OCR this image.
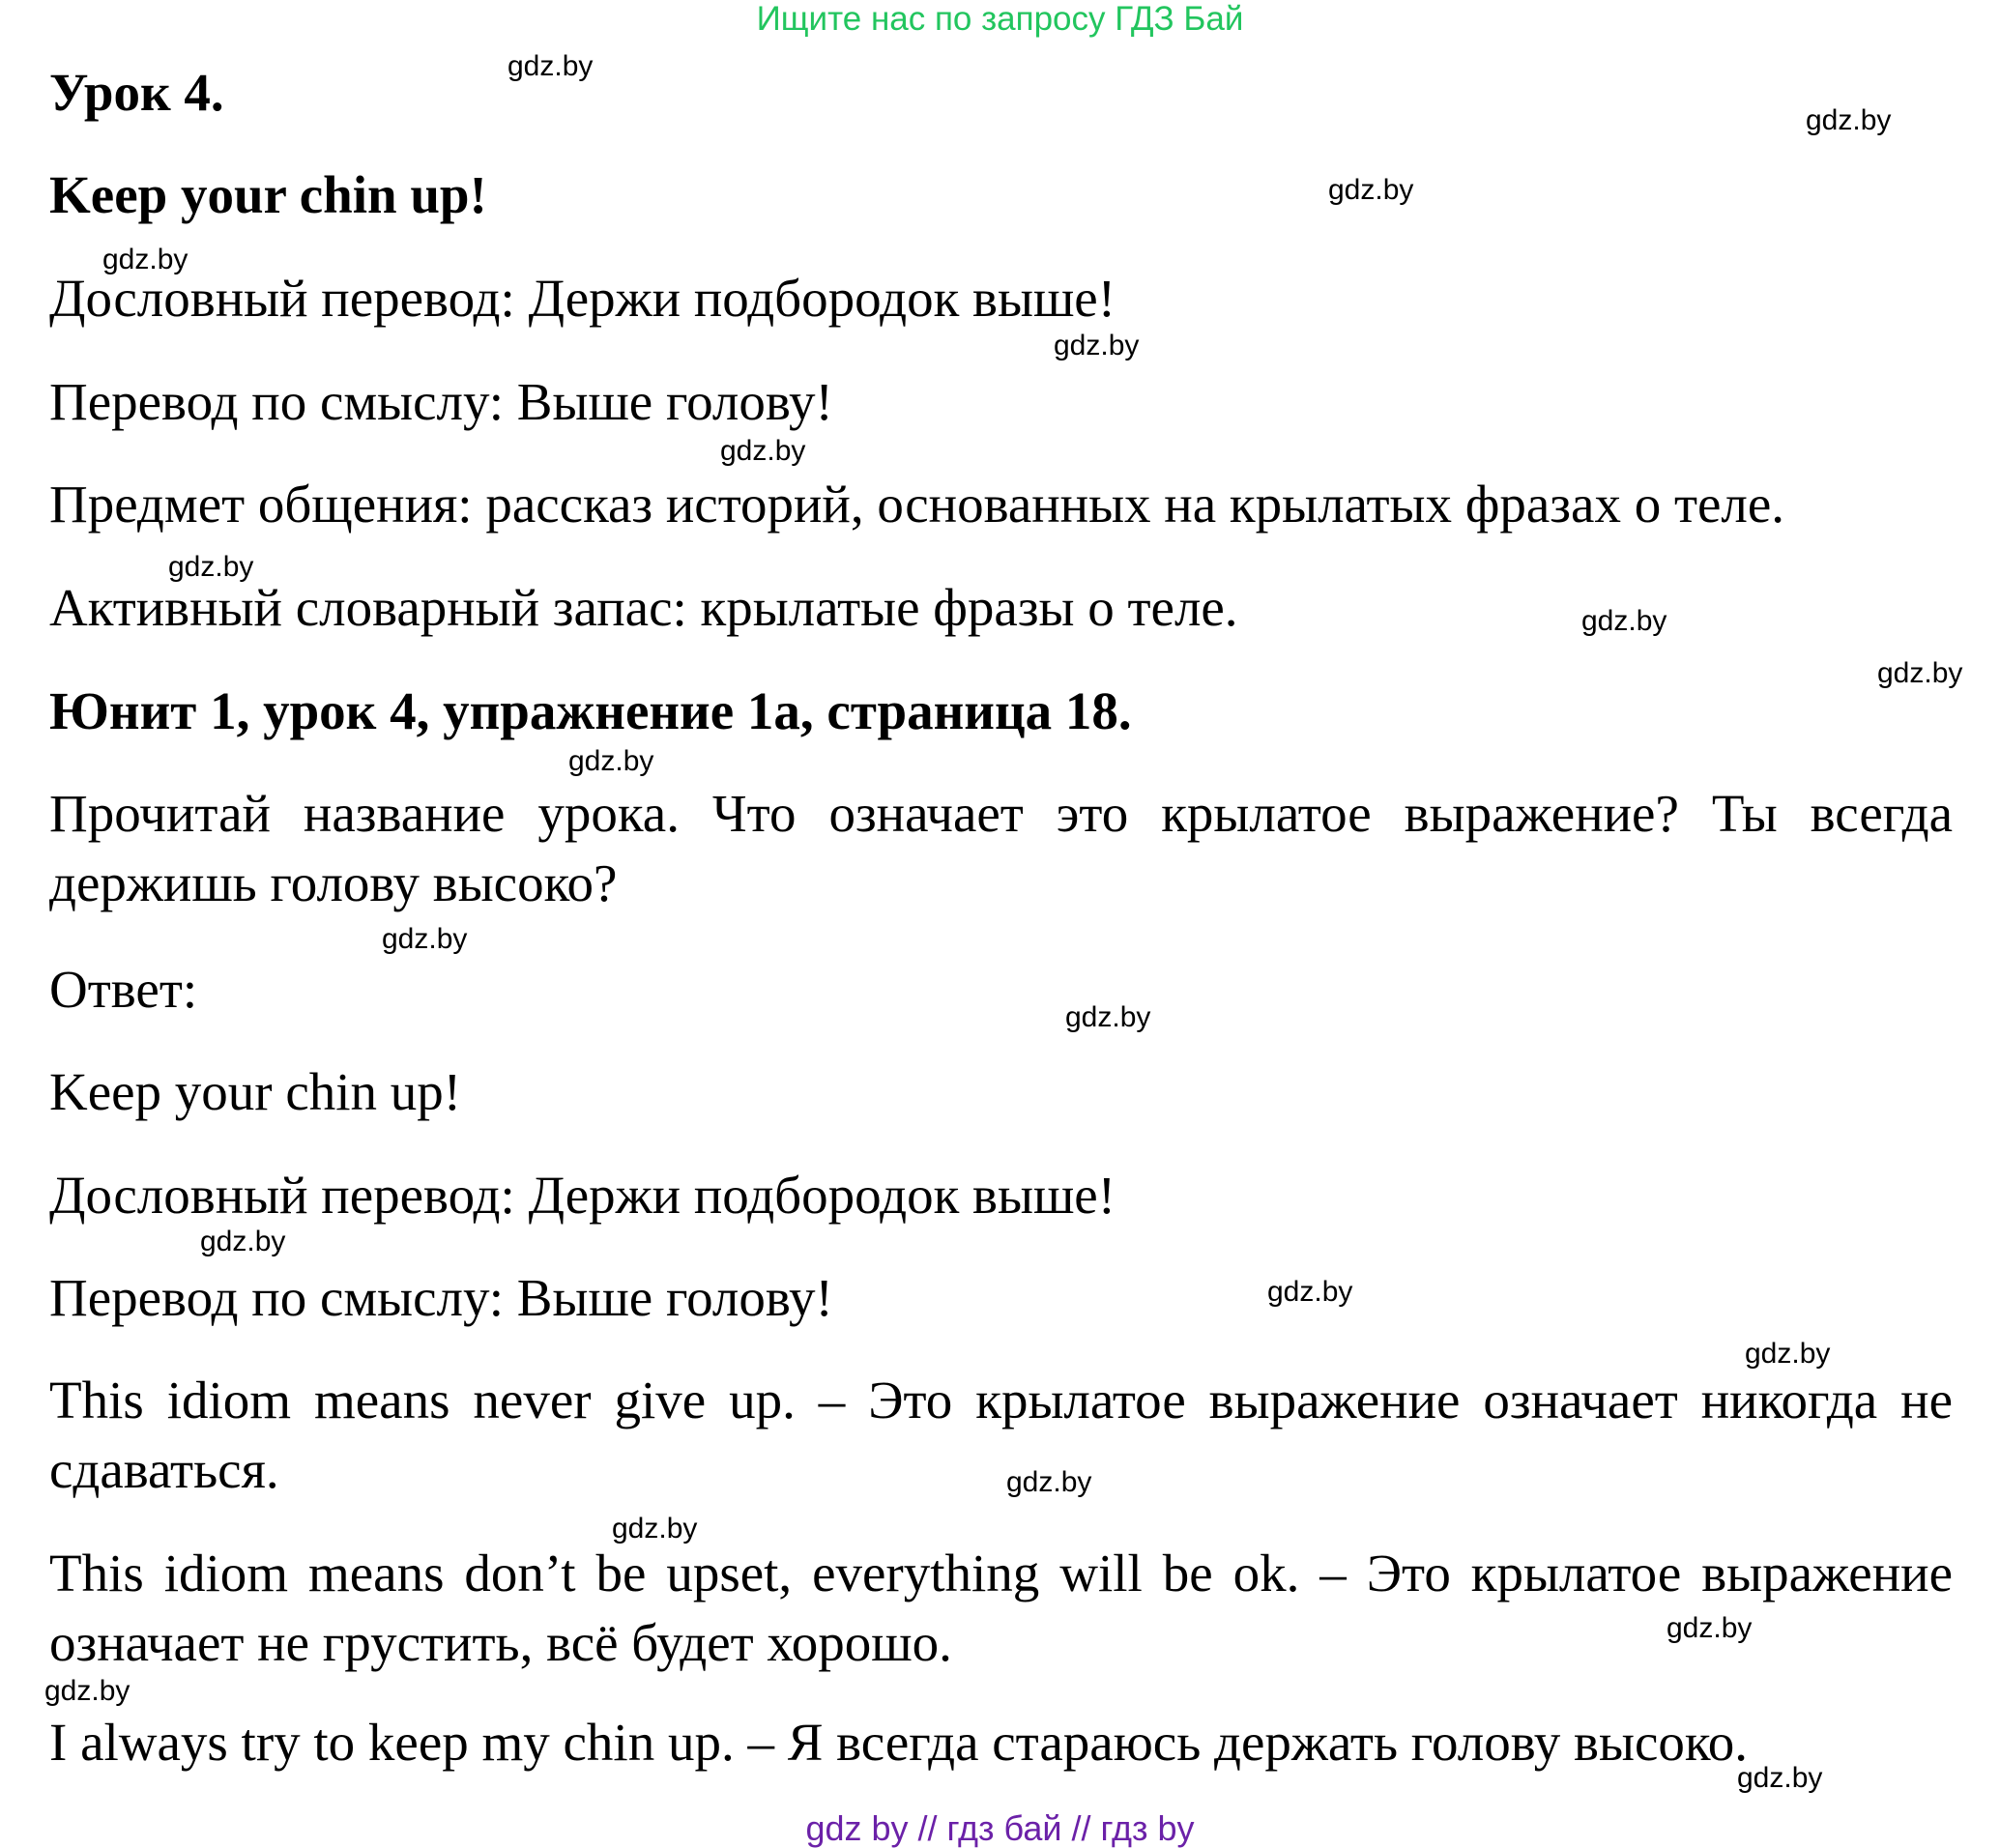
Ищите нас по запросу ГДЗ Бай
Урок 4.
Keep your chin up!
Дословный перевод: Держи подбородок выше!
Перевод по смыслу: Выше голову!
Предмет общения: рассказ историй, основанных на крылатых фразах о теле.
Активный словарный запас: крылатые фразы о теле.
Юнит 1, урок 4, упражнение 1а, страница 18.
Прочитай название урока. Что означает это крылатое выражение? Ты всегда
держишь голову высоко?
Ответ:
Keep your chin up!
Дословный перевод: Держи подбородок выше!
Перевод по смыслу: Выше голову!
This idiom means never give up. – Это крылатое выражение означает никогда не
сдаваться.
This idiom means don’t be upset, everything will be ok. – Это крылатое выражение
означает не грустить, всё будет хорошо.
I always try to keep my chin up. – Я всегда стараюсь держать голову высоко.
gdz.by
gdz.by
gdz.by
gdz.by
gdz.by
gdz.by
gdz.by
gdz.by
gdz.by
gdz.by
gdz.by
gdz.by
gdz.by
gdz.by
gdz.by
gdz.by
gdz.by
gdz.by
gdz.by
gdz.by
gdz by // гдз бай // гдз by
